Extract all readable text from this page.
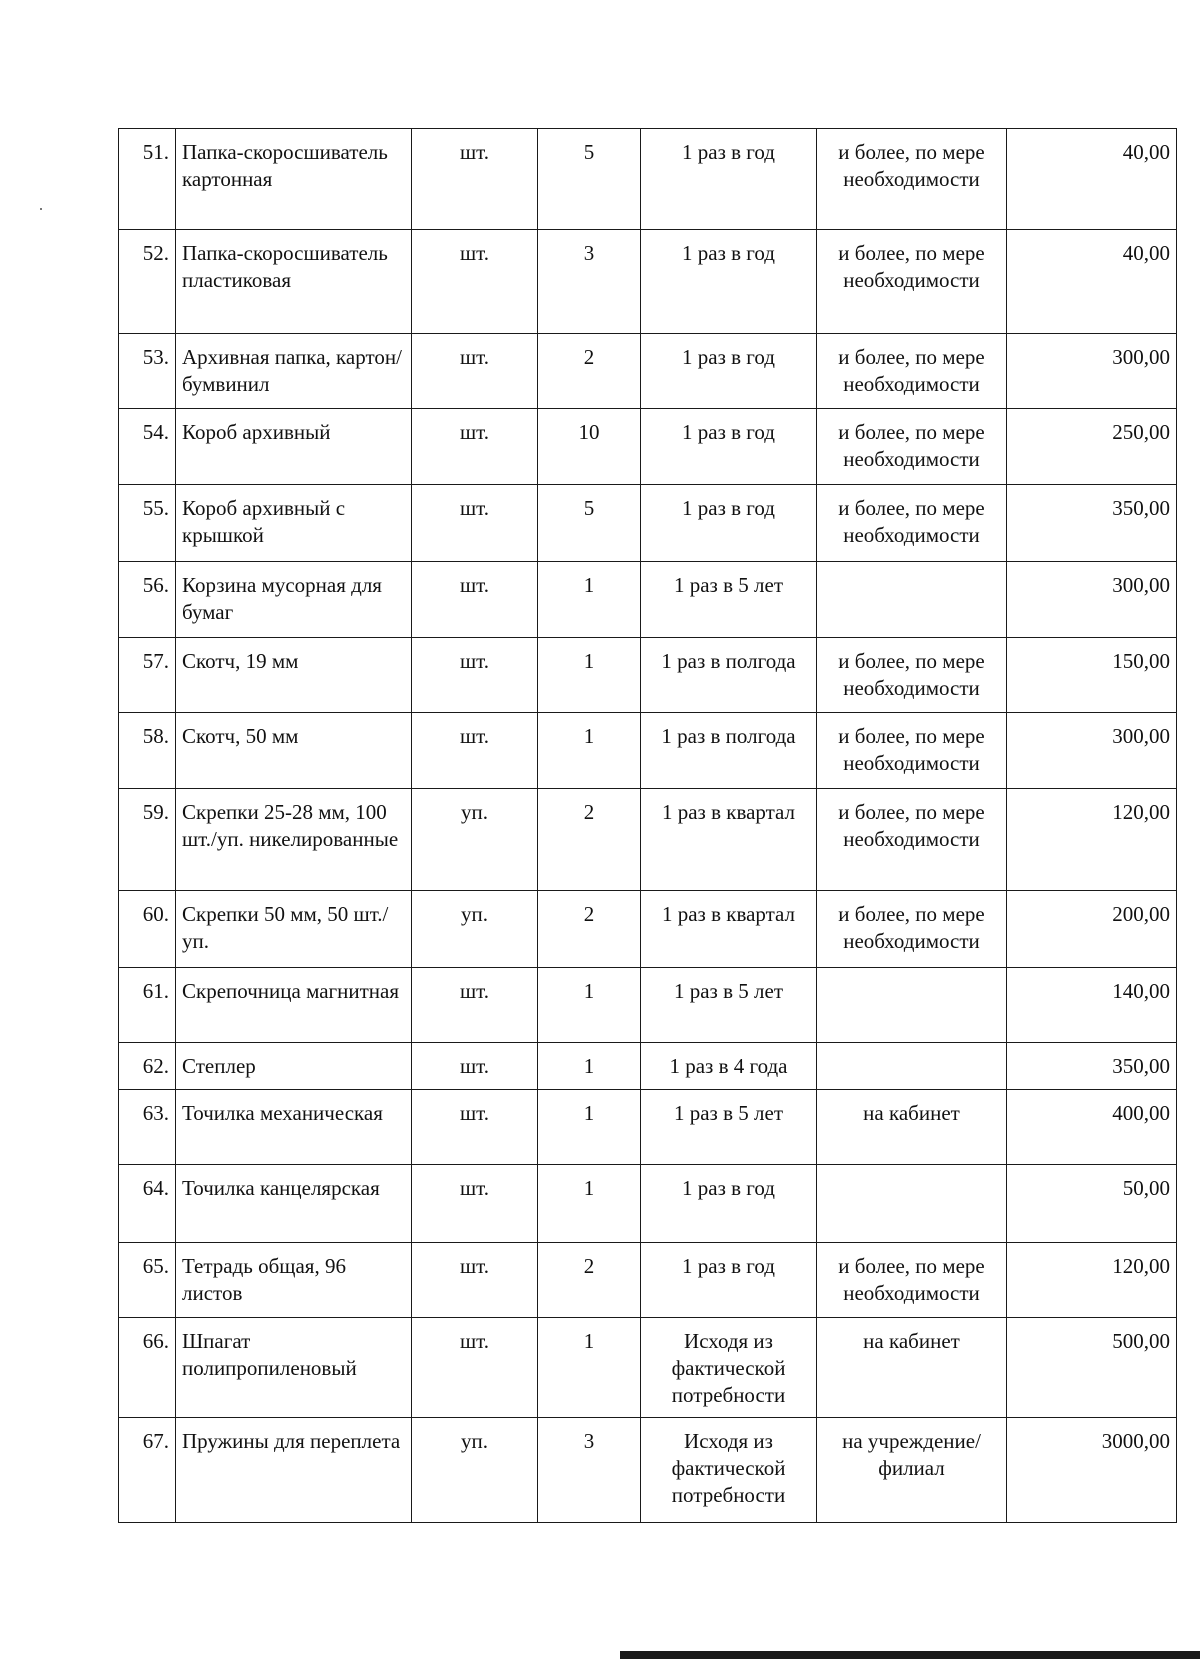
51.	Папка-скоросшиватель картонная	шт.	5	1 раз в год	и более, по мере необходимости	40,00
52.	Папка-скоросшиватель пластиковая	шт.	3	1 раз в год	и более, по мере необходимости	40,00
53.	Архивная папка, картон/бумвинил	шт.	2	1 раз в год	и более, по мере необходимости	300,00
54.	Короб архивный	шт.	10	1 раз в год	и более, по мере необходимости	250,00
55.	Короб архивный с крышкой	шт.	5	1 раз в год	и более, по мере необходимости	350,00
56.	Корзина мусорная для бумаг	шт.	1	1 раз в 5 лет		300,00
57.	Скотч, 19 мм	шт.	1	1 раз в полгода	и более, по мере необходимости	150,00
58.	Скотч, 50 мм	шт.	1	1 раз в полгода	и более, по мере необходимости	300,00
59.	Скрепки 25-28 мм, 100 шт./уп. никелированные	уп.	2	1 раз в квартал	и более, по мере необходимости	120,00
60.	Скрепки 50 мм, 50 шт./уп.	уп.	2	1 раз в квартал	и более, по мере необходимости	200,00
61.	Скрепочница магнитная	шт.	1	1 раз в 5 лет		140,00
62.	Степлер	шт.	1	1 раз в 4 года		350,00
63.	Точилка механическая	шт.	1	1 раз в 5 лет	на кабинет	400,00
64.	Точилка канцелярская	шт.	1	1 раз в год		50,00
65.	Тетрадь общая, 96 листов	шт.	2	1 раз в год	и более, по мере необходимости	120,00
66.	Шпагат полипропиленовый	шт.	1	Исходя из фактической потребности	на кабинет	500,00
67.	Пружины для переплета	уп.	3	Исходя из фактической потребности	на учреждение/филиал	3000,00
